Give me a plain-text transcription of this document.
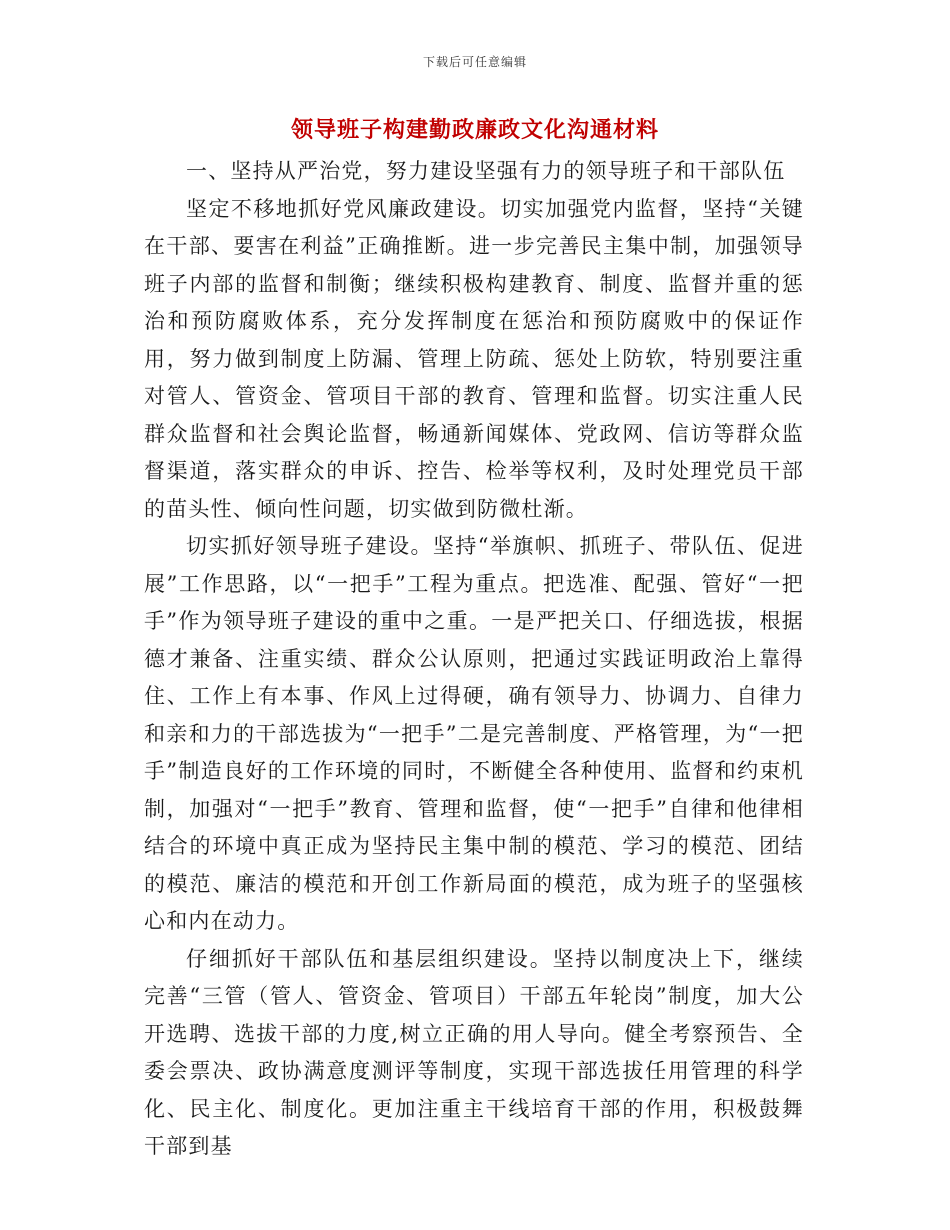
下载后可任意编辑
领导班子构建勤政廉政文化沟通材料

一、坚持从严治党，努力建设坚强有力的领导班子和干部队伍

坚定不移地抓好党风廉政建设。切实加强党内监督，坚持“关键在干部、要害在利益”正确推断。进一步完善民主集中制，加强领导班子内部的监督和制衡；继续积极构建教育、制度、监督并重的惩治和预防腐败体系，充分发挥制度在惩治和预防腐败中的保证作用，努力做到制度上防漏、管理上防疏、惩处上防软，特别要注重对管人、管资金、管项目干部的教育、管理和监督。切实注重人民群众监督和社会舆论监督，畅通新闻媒体、党政网、信访等群众监督渠道，落实群众的申诉、控告、检举等权利，及时处理党员干部的苗头性、倾向性问题，切实做到防微杜渐。

切实抓好领导班子建设。坚持“举旗帜、抓班子、带队伍、促进展”工作思路，以“一把手”工程为重点。把选准、配强、管好“一把手”作为领导班子建设的重中之重。一是严把关口、仔细选拔，根据德才兼备、注重实绩、群众公认原则，把通过实践证明政治上靠得住、工作上有本事、作风上过得硬，确有领导力、协调力、自律力和亲和力的干部选拔为“一把手”二是完善制度、严格管理，为“一把手”制造良好的工作环境的同时，不断健全各种使用、监督和约束机制，加强对“一把手”教育、管理和监督，使“一把手”自律和他律相结合的环境中真正成为坚持民主集中制的模范、学习的模范、团结的模范、廉洁的模范和开创工作新局面的模范，成为班子的坚强核心和内在动力。

仔细抓好干部队伍和基层组织建设。坚持以制度决上下，继续完善“三管（管人、管资金、管项目）干部五年轮岗”制度，加大公开选聘、选拔干部的力度,树立正确的用人导向。健全考察预告、全委会票决、政协满意度测评等制度，实现干部选拔任用管理的科学化、民主化、制度化。更加注重主干线培育干部的作用，积极鼓舞干部到基
